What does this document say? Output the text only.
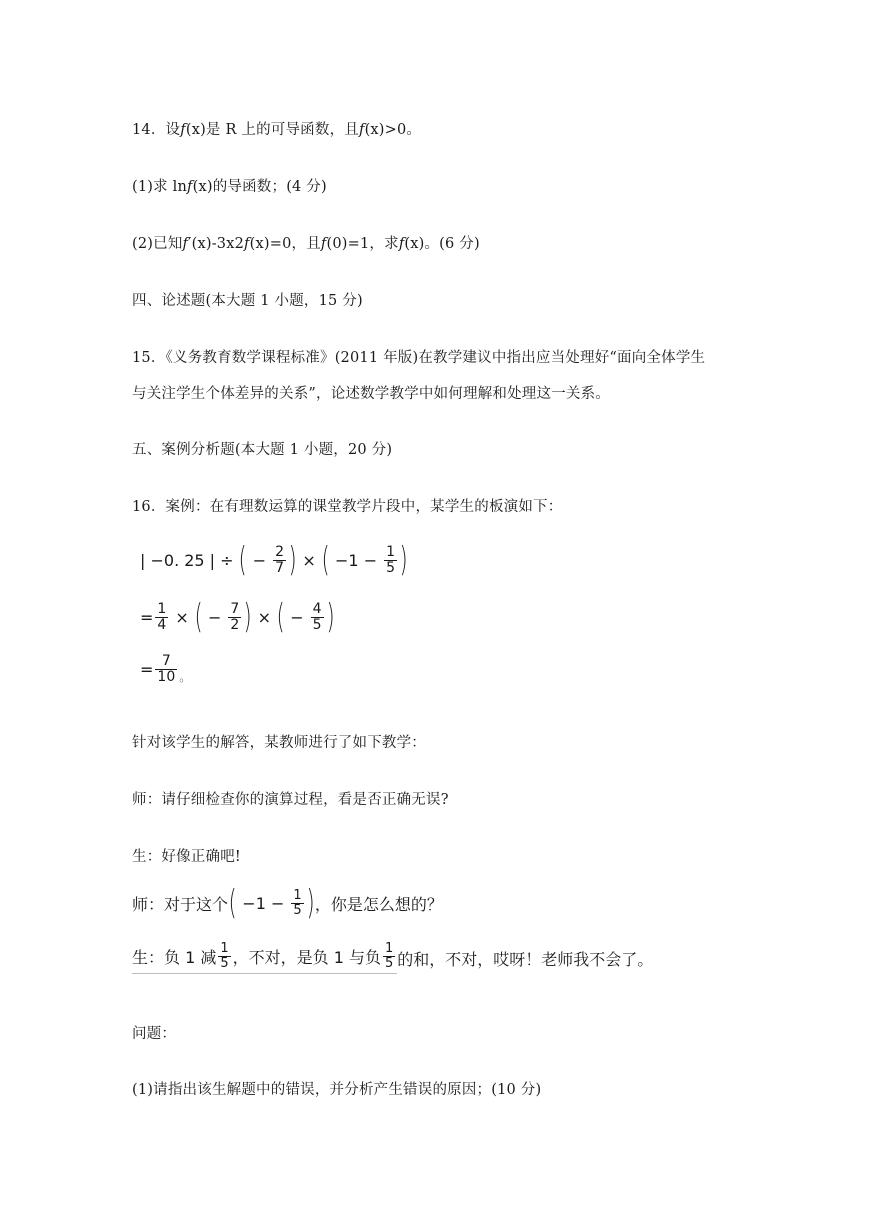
14．设f(x)是 R 上的可导函数，且f(x)>0。
(1)求 lnf(x)的导函数；(4 分)
(2)已知f′(x)-3x2f(x)=0，且f(0)=1，求f(x)。(6 分)
四、论述题(本大题 1 小题，15 分)
15．《义务教育数学课程标准》(2011 年版)在教学建议中指出应当处理好“面向全体学生
与关注学生个体差异的关系”，论述数学教学中如何理解和处理这一关系。
五、案例分析题(本大题 1 小题，20 分)
16．案例：在有理数运算的课堂教学片段中，某学生的板演如下：
| −0. 25 | ÷ ( − $\frac{2}{7}$ ) × ( $-1 - \frac{1}{5}$ )
= $\frac{1}{4}$ × ( − $\frac{7}{2}$ ) × ( − $\frac{4}{5}$ )
= $\frac{7}{10}$ 。
针对该学生的解答，某教师进行了如下教学：
师：请仔细检查你的演算过程，看是否正确无误?
生：好像正确吧!
师：对于这个 ( $-1 - \frac{1}{5}$ ) ，你是怎么想的？
生：负 1 减 $\frac{1}{5}$ ，不对，是负 1 与负 $\frac{1}{5}$ 的和，不对，哎呀！老师我不会了。
问题：
(1)请指出该生解题中的错误，并分析产生错误的原因；(10 分)
